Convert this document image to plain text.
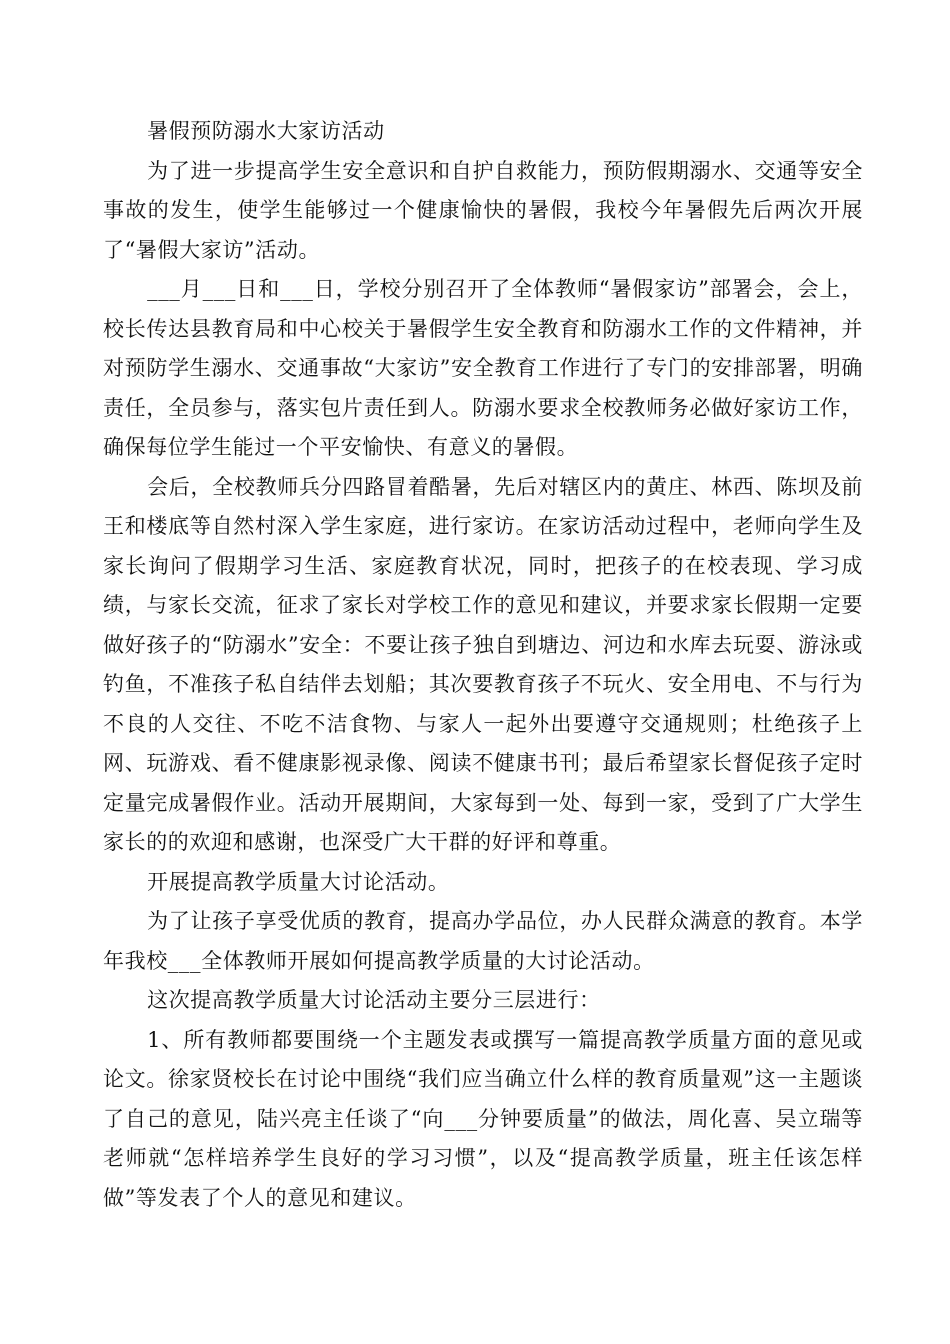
暑假预防溺水大家访活动

为了进一步提高学生安全意识和自护自救能力，预防假期溺水、交通等安全事故的发生，使学生能够过一个健康愉快的暑假，我校今年暑假先后两次开展了“暑假大家访”活动。

___月___日和___日，学校分别召开了全体教师“暑假家访”部署会，会上，校长传达县教育局和中心校关于暑假学生安全教育和防溺水工作的文件精神，并对预防学生溺水、交通事故“大家访”安全教育工作进行了专门的安排部署，明确责任，全员参与，落实包片责任到人。防溺水要求全校教师务必做好家访工作，确保每位学生能过一个平安愉快、有意义的暑假。

会后，全校教师兵分四路冒着酷暑，先后对辖区内的黄庄、林西、陈坝及前王和楼底等自然村深入学生家庭，进行家访。在家访活动过程中，老师向学生及家长询问了假期学习生活、家庭教育状况，同时，把孩子的在校表现、学习成绩，与家长交流，征求了家长对学校工作的意见和建议，并要求家长假期一定要做好孩子的“防溺水”安全：不要让孩子独自到塘边、河边和水库去玩耍、游泳或钓鱼，不准孩子私自结伴去划船；其次要教育孩子不玩火、安全用电、不与行为不良的人交往、不吃不洁食物、与家人一起外出要遵守交通规则；杜绝孩子上网、玩游戏、看不健康影视录像、阅读不健康书刊；最后希望家长督促孩子定时定量完成暑假作业。活动开展期间，大家每到一处、每到一家，受到了广大学生家长的的欢迎和感谢，也深受广大干群的好评和尊重。

开展提高教学质量大讨论活动。

为了让孩子享受优质的教育，提高办学品位，办人民群众满意的教育。本学年我校___全体教师开展如何提高教学质量的大讨论活动。

这次提高教学质量大讨论活动主要分三层进行：

1、所有教师都要围绕一个主题发表或撰写一篇提高教学质量方面的意见或论文。徐家贤校长在讨论中围绕“我们应当确立什么样的教育质量观”这一主题谈了自己的意见，陆兴亮主任谈了“向___分钟要质量”的做法，周化喜、吴立瑞等老师就“怎样培养学生良好的学习习惯”，以及“提高教学质量，班主任该怎样做”等发表了个人的意见和建议。
